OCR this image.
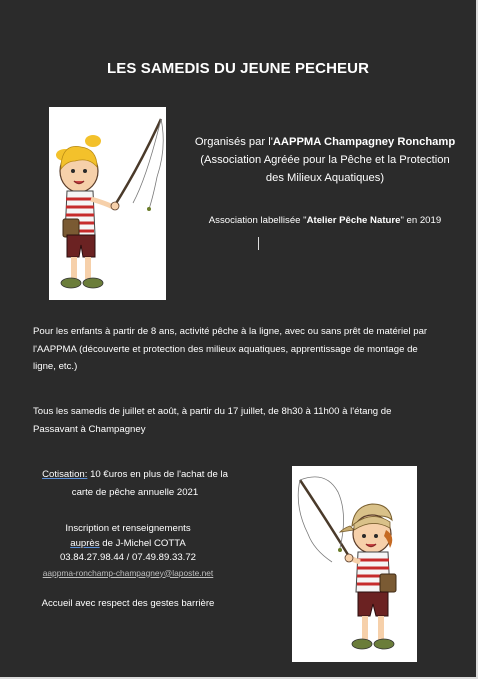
LES SAMEDIS DU JEUNE PECHEUR
Organisés par l'AAPPMA Champagney Ronchamp
(Association Agréée pour la Pêche et la Protection
des Milieux Aquatiques)
Association labellisée "Atelier Pêche Nature" en 2019
Pour les enfants à partir de 8 ans, activité pêche à la ligne, avec ou sans prêt de matériel par
l'AAPPMA (découverte et protection des milieux aquatiques, apprentissage de montage de
ligne, etc.)
Tous les samedis de juillet et août, à partir du 17 juillet, de 8h30 à 11h00 à l'étang de
Passavant à Champagney
Cotisation: 10 €uros en plus de l'achat de la
carte de pêche annuelle 2021
Inscription et renseignements
auprès de J-Michel COTTA
03.84.27.98.44 / 07.49.89.33.72
aappma-ronchamp-champagney@laposte.net
Accueil avec respect des gestes barrière
